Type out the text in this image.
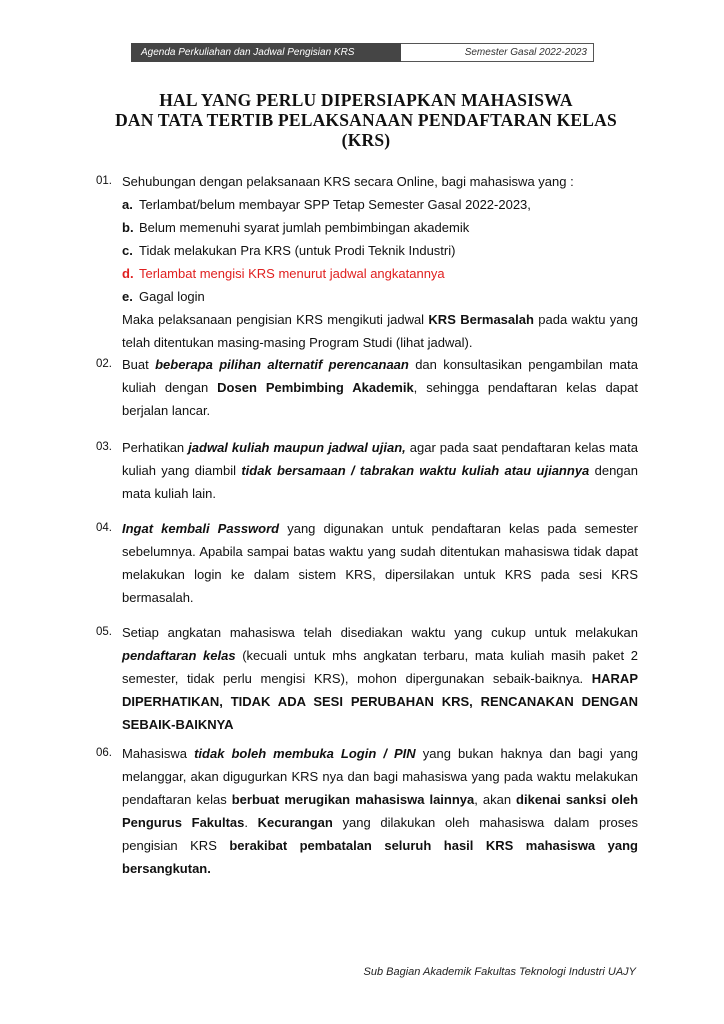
Agenda Perkuliahan dan Jadwal Pengisian KRS	Semester Gasal 2022-2023
HAL YANG PERLU DIPERSIAPKAN MAHASISWA
DAN TATA TERTIB PELAKSANAAN PENDAFTARAN KELAS
(KRS)
01. Sehubungan dengan pelaksanaan KRS secara Online, bagi mahasiswa yang :
a. Terlambat/belum membayar SPP Tetap Semester Gasal 2022-2023,
b. Belum memenuhi syarat jumlah pembimbingan akademik
c. Tidak melakukan Pra KRS (untuk Prodi Teknik Industri)
d. Terlambat mengisi KRS menurut jadwal angkatannya
e. Gagal login
Maka pelaksanaan pengisian KRS mengikuti jadwal KRS Bermasalah pada waktu yang telah ditentukan masing-masing Program Studi (lihat jadwal).
02. Buat beberapa pilihan alternatif perencanaan dan konsultasikan pengambilan mata kuliah dengan Dosen Pembimbing Akademik, sehingga pendaftaran kelas dapat berjalan lancar.
03. Perhatikan jadwal kuliah maupun jadwal ujian, agar pada saat pendaftaran kelas mata kuliah yang diambil tidak bersamaan / tabrakan waktu kuliah atau ujiannya dengan mata kuliah lain.
04. Ingat kembali Password yang digunakan untuk pendaftaran kelas pada semester sebelumnya. Apabila sampai batas waktu yang sudah ditentukan mahasiswa tidak dapat melakukan login ke dalam sistem KRS, dipersilakan untuk KRS pada sesi KRS bermasalah.
05. Setiap angkatan mahasiswa telah disediakan waktu yang cukup untuk melakukan pendaftaran kelas (kecuali untuk mhs angkatan terbaru, mata kuliah masih paket 2 semester, tidak perlu mengisi KRS), mohon dipergunakan sebaik-baiknya. HARAP DIPERHATIKAN, TIDAK ADA SESI PERUBAHAN KRS, RENCANAKAN DENGAN SEBAIK-BAIKNYA
06. Mahasiswa tidak boleh membuka Login / PIN yang bukan haknya dan bagi yang melanggar, akan digugurkan KRS nya dan bagi mahasiswa yang pada waktu melakukan pendaftaran kelas berbuat merugikan mahasiswa lainnya, akan dikenai sanksi oleh Pengurus Fakultas. Kecurangan yang dilakukan oleh mahasiswa dalam proses pengisian KRS berakibat pembatalan seluruh hasil KRS mahasiswa yang bersangkutan.
Sub Bagian Akademik Fakultas Teknologi Industri UAJY
